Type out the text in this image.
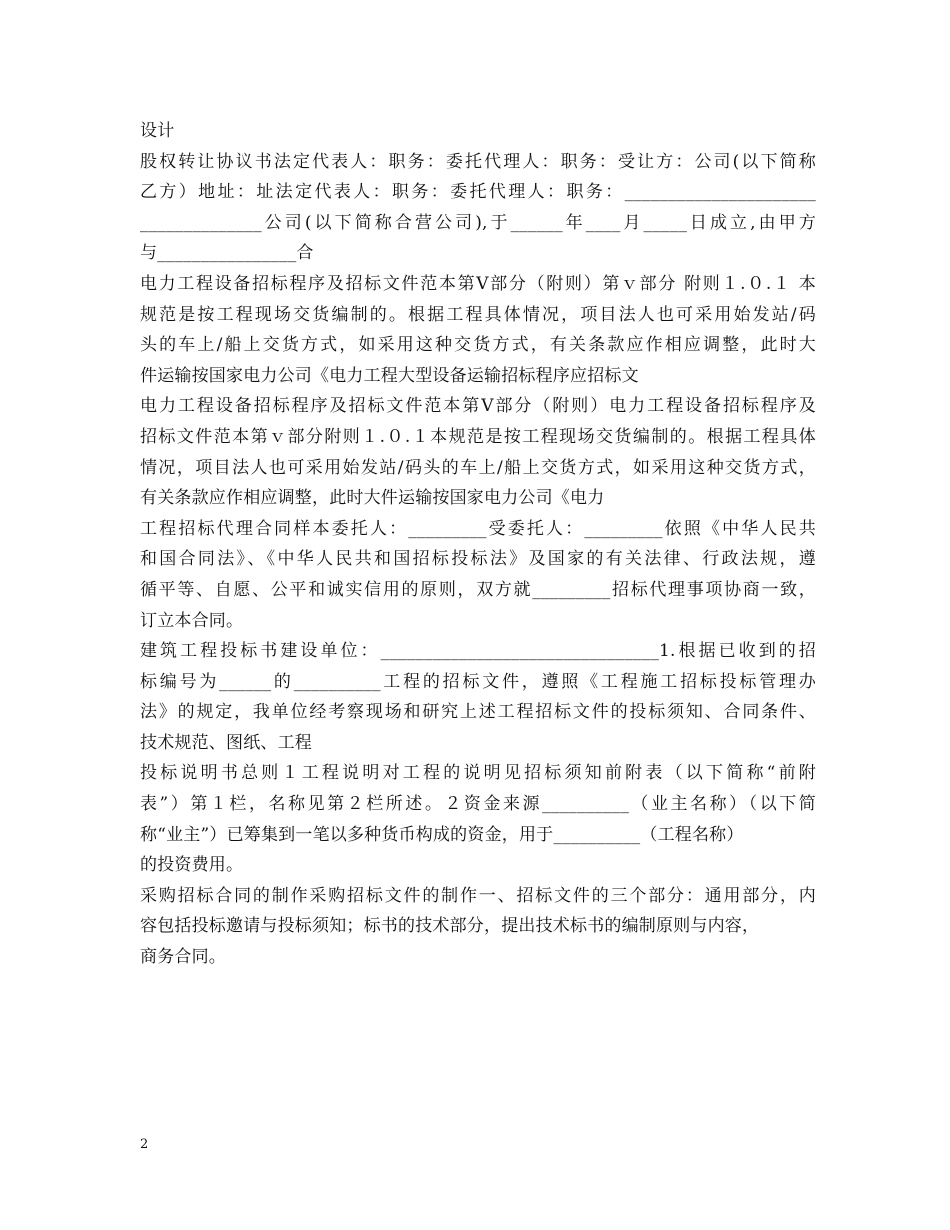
设计
股权转让协议书法定代表人：职务：委托代理人：职务：受让方：公司(以下简称
乙方）地址：址法定代表人：职务：委托代理人：职务：______________________
______________公司(以下简称合营公司),于______年____月_____日成立,由甲方
与________________合
电力工程设备招标程序及招标文件范本第Ⅴ部分（附则）第ｖ部分 附则１.０.１ 本
规范是按工程现场交货编制的。根据工程具体情况，项目法人也可采用始发站/码
头的车上/船上交货方式，如采用这种交货方式，有关条款应作相应调整，此时大
件运输按国家电力公司《电力工程大型设备运输招标程序应招标文
电力工程设备招标程序及招标文件范本第Ⅴ部分（附则）电力工程设备招标程序及
招标文件范本第ｖ部分附则１.０.１本规范是按工程现场交货编制的。根据工程具体
情况，项目法人也可采用始发站/码头的车上/船上交货方式，如采用这种交货方式，
有关条款应作相应调整，此时大件运输按国家电力公司《电力
工程招标代理合同样本委托人：_________受委托人：_________依照《中华人民共
和国合同法》、《中华人民共和国招标投标法》及国家的有关法律、行政法规，遵
循平等、自愿、公平和诚实信用的原则，双方就_________招标代理事项协商一致，
订立本合同。
建筑工程投标书建设单位：________________________________1.根据已收到的招
标编号为______的__________工程的招标文件，遵照《工程施工招标投标管理办
法》的规定，我单位经考察现场和研究上述工程招标文件的投标须知、合同条件、
技术规范、图纸、工程
投标说明书总则１工程说明对工程的说明见招标须知前附表（以下简称“前附
表”）第１栏，名称见第２栏所述。２资金来源__________（业主名称）（以下简
称“业主”）已筹集到一笔以多种货币构成的资金，用于__________（工程名称）
的投资费用。
采购招标合同的制作采购招标文件的制作一、招标文件的三个部分：通用部分，内
容包括投标邀请与投标须知；标书的技术部分，提出技术标书的编制原则与内容，
商务合同。
2
